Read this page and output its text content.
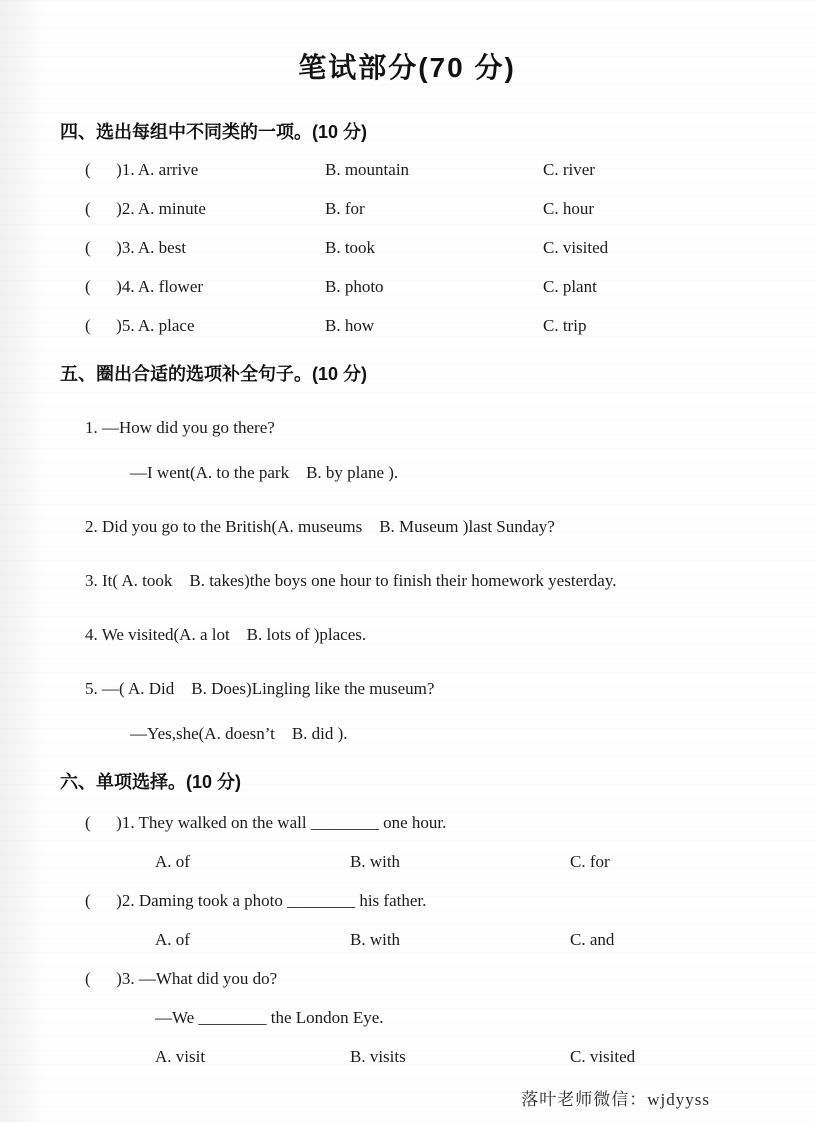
笔试部分(70 分)
四、选出每组中不同类的一项。(10 分)
(      )1. A. arrive	B. mountain	C. river
(      )2. A. minute	B. for	C. hour
(      )3. A. best	B. took	C. visited
(      )4. A. flower	B. photo	C. plant
(      )5. A. place	B. how	C. trip
五、圈出合适的选项补全句子。(10 分)
1. —How did you go there?
—I went(A. to the park    B. by plane ).
2. Did you go to the British(A. museums    B. Museum )last Sunday?
3. It( A. took    B. takes)the boys one hour to finish their homework yesterday.
4. We visited(A. a lot    B. lots of )places.
5. —( A. Did    B. Does)Lingling like the museum?
—Yes,she(A. doesn’t    B. did ).
六、单项选择。(10 分)
(      )1. They walked on the wall ________ one hour.
A. of	B. with	C. for
(      )2. Daming took a photo ________ his father.
A. of	B. with	C. and
(      )3. —What did you do?
—We ________ the London Eye.
A. visit	B. visits	C. visited
落叶老师微信：wjdyyss
